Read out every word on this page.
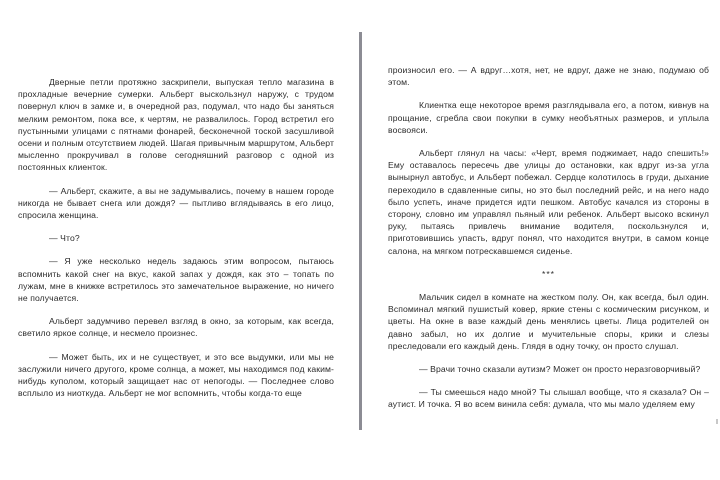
Дверные петли протяжно заскрипели, выпуская тепло магазина в прохладные вечерние сумерки. Альберт выскользнул наружу, с трудом повернул ключ в замке и, в очередной раз, подумал, что надо бы заняться мелким ремонтом, пока все, к чертям, не развалилось. Город встретил его пустынными улицами с пятнами фонарей, бесконечной тоской засушливой осени и полным отсутствием людей. Шагая привычным маршрутом, Альберт мысленно прокручивал в голове сегодняшний разговор с одной из постоянных клиенток.

— Альберт, скажите, а вы не задумывались, почему в нашем городе никогда не бывает снега или дождя? — пытливо вглядываясь в его лицо, спросила женщина.

— Что?

— Я уже несколько недель задаюсь этим вопросом, пытаюсь вспомнить какой снег на вкус, какой запах у дождя, как это – топать по лужам, мне в книжке встретилось это замечательное выражение, но ничего не получается.

Альберт задумчиво перевел взгляд в окно, за которым, как всегда, светило яркое солнце, и несмело произнес.

— Может быть, их и не существует, и это все выдумки, или мы не заслужили ничего другого, кроме солнца, а может, мы находимся под каким-нибудь куполом, который защищает нас от непогоды. — Последнее слово всплыло из ниоткуда. Альберт не мог вспомнить, чтобы когда-то еще

произносил его. — А вдруг…хотя, нет, не вдруг, даже не знаю, подумаю об этом.

Клиентка еще некоторое время разглядывала его, а потом, кивнув на прощание, сгребла свои покупки в сумку необъятных размеров, и уплыла восвояси.

Альберт глянул на часы: «Черт, время поджимает, надо спешить!» Ему оставалось пересечь две улицы до остановки, как вдруг из-за угла вынырнул автобус, и Альберт побежал. Сердце колотилось в груди, дыхание переходило в сдавленные сипы, но это был последний рейс, и на него надо было успеть, иначе придется идти пешком. Автобус качался из стороны в сторону, словно им управлял пьяный или ребенок. Альберт высоко вскинул руку, пытаясь привлечь внимание водителя, поскользнулся и, приготовившись упасть, вдруг понял, что находится внутри, в самом конце салона, на мягком потрескавшемся сиденье.

***

Мальчик сидел в комнате на жестком полу. Он, как всегда, был один. Вспоминал мягкий пушистый ковер, яркие стены с космическим рисунком, и цветы. На окне в вазе каждый день менялись цветы. Лица родителей он давно забыл, но их долгие и мучительные споры, крики и слезы преследовали его каждый день. Глядя в одну точку, он просто слушал.

— Врачи точно сказали аутизм? Может он просто неразговорчивый?

— Ты смеешься надо мной? Ты слышал вообще, что я сказала? Он – аутист. И точка. Я во всем винила себя: думала, что мы мало уделяем ему
